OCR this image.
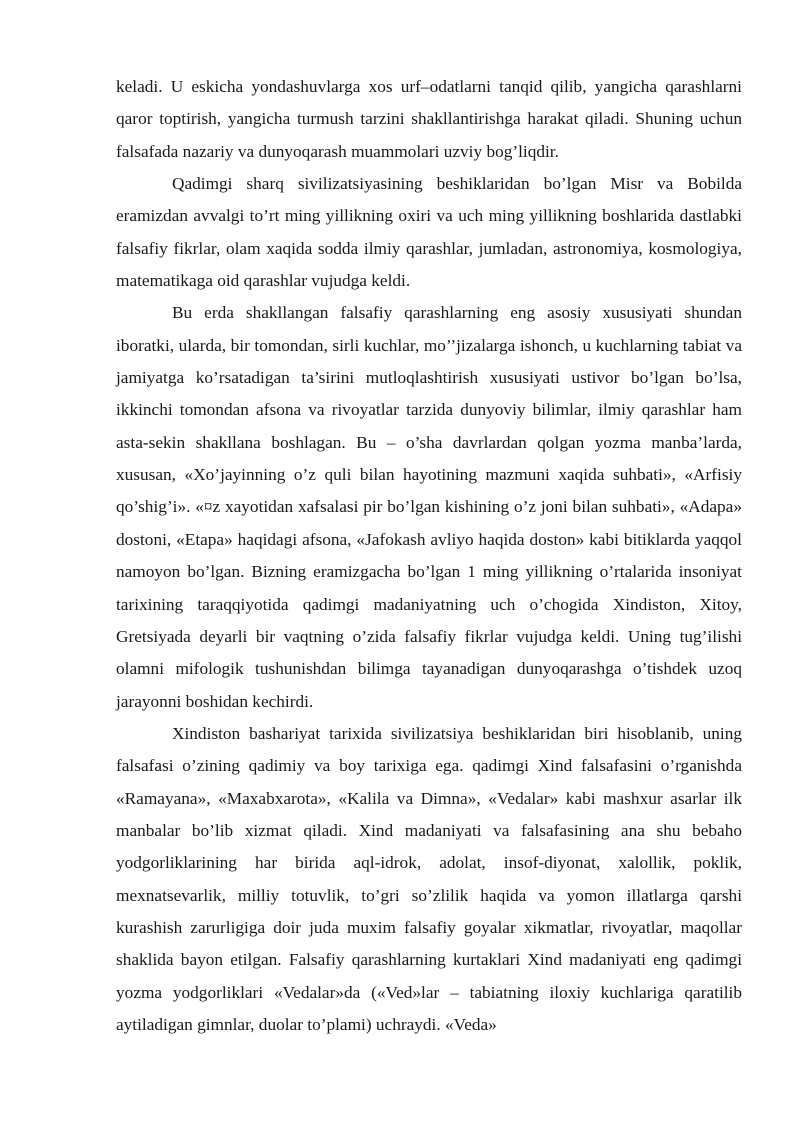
keladi. U eskicha yondashuvlarga xos urf–odatlarni tanqid qilib, yangicha qarashlarni qaror toptirish, yangicha turmush tarzini shakllantirishga harakat qiladi. Shuning uchun falsafada nazariy va dunyoqarash muammolari uzviy bog’liqdir.

Qadimgi sharq sivilizatsiyasining beshiklaridan bo’lgan Misr va Bobilda eramizdan avvalgi to’rt ming yillikning oxiri va uch ming yillikning boshlarida dastlabki falsafiy fikrlar, olam xaqida sodda ilmiy qarashlar, jumladan, astronomiya, kosmologiya, matematikaga oid qarashlar vujudga keldi.

Bu erda shakllangan falsafiy qarashlarning eng asosiy xususiyati shundan iboratki, ularda, bir tomondan, sirli kuchlar, mo’’jizalarga ishonch, u kuchlarning tabiat va jamiyatga ko’rsatadigan ta’sirini mutloqlashtirish xususiyati ustivor bo’lgan bo’lsa, ikkinchi tomondan afsona va rivoyatlar tarzida dunyoviy bilimlar, ilmiy qarashlar ham asta-sekin shakllana boshlagan. Bu – o’sha davrlardan qolgan yozma manba’larda, xususan, «Xo’jayinning o’z quli bilan hayotining mazmuni xaqida suhbati», «Arfisiy qo’shig’i». «¤z xayotidan xafsalasi pir bo’lgan kishining o’z joni bilan suhbati», «Adapa» dostoni, «Etapa» haqidagi afsona, «Jafokash avliyo haqida doston» kabi bitiklarda yaqqol namoyon bo’lgan. Bizning eramizgacha bo’lgan 1 ming yillikning o’rtalarida insoniyat tarixining taraqqiyotida qadimgi madaniyatning uch o’chogida Xindiston, Xitoy, Gretsiyada deyarli bir vaqtning o’zida falsafiy fikrlar vujudga keldi. Uning tug’ilishi olamni mifologik tushunishdan bilimga tayanadigan dunyoqarashga o’tishdek uzoq jarayonni boshidan kechirdi.

Xindiston bashariyat tarixida sivilizatsiya beshiklaridan biri hisoblanib, uning falsafasi o’zining qadimiy va boy tarixiga ega. qadimgi Xind falsafasini o’rganishda «Ramayana», «Maxabxarota», «Kalila va Dimna», «Vedalar» kabi mashxur asarlar ilk manbalar bo’lib xizmat qiladi. Xind madaniyati va falsafasining ana shu bebaho yodgorliklarining har birida aql-idrok, adolat, insof-diyonat, xalollik, poklik, mexnatsevarlik, milliy totuvlik, to’gri so’zlilik haqida va yomon illatlarga qarshi kurashish zarurligiga doir juda muxim falsafiy goyalar xikmatlar, rivoyatlar, maqollar shaklida bayon etilgan. Falsafiy qarashlarning kurtaklari Xind madaniyati eng qadimgi yozma yodgorliklari «Vedalar»da («Ved»lar – tabiatning iloxiy kuchlariga qaratilib aytiladigan gimnlar, duolar to’plami) uchraydi. «Veda»
